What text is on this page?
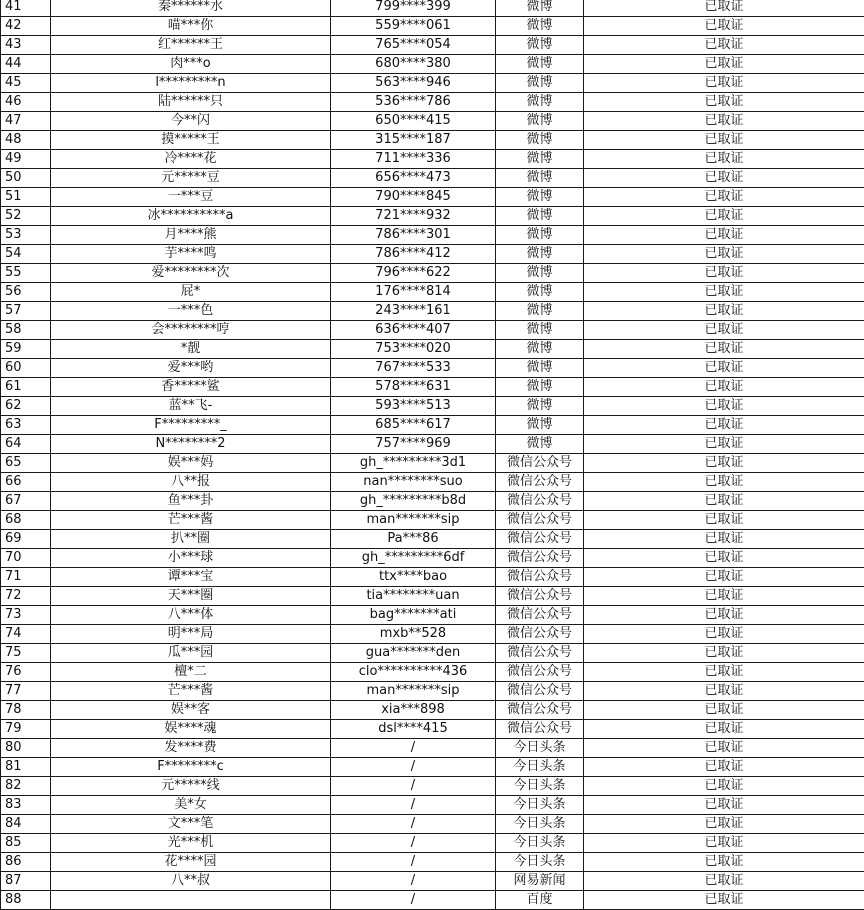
41	秦******水	799****399	微博	已取证
42	喵***你	559****061	微博	已取证
43	红******王	765****054	微博	已取证
44	肉***o	680****380	微博	已取证
45	l*********n	563****946	微博	已取证
46	陆******只	536****786	微博	已取证
47	今**闪	650****415	微博	已取证
48	摸*****王	315****187	微博	已取证
49	冷****花	711****336	微博	已取证
50	元*****豆	656****473	微博	已取证
51	一***豆	790****845	微博	已取证
52	冰**********a	721****932	微博	已取证
53	月****熊	786****301	微博	已取证
54	芋****鸣	786****412	微博	已取证
55	爱********次	796****622	微博	已取证
56	屁*	176****814	微博	已取证
57	一***色	243****161	微博	已取证
58	会********哼	636****407	微博	已取证
59	*靓	753****020	微博	已取证
60	爱***哟	767****533	微博	已取证
61	香*****鲨	578****631	微博	已取证
62	蓝**飞-	593****513	微博	已取证
63	F*********_	685****617	微博	已取证
64	N********2	757****969	微博	已取证
65	娱***妈	gh_*********3d1	微信公众号	已取证
66	八**报	nan********suo	微信公众号	已取证
67	鱼***卦	gh_*********b8d	微信公众号	已取证
68	芒***酱	man*******sip	微信公众号	已取证
69	扒**圈	Pa***86	微信公众号	已取证
70	小***球	gh_*********6df	微信公众号	已取证
71	谭***宝	ttx****bao	微信公众号	已取证
72	天***圈	tia********uan	微信公众号	已取证
73	八***体	bag*******ati	微信公众号	已取证
74	明***局	mxb**528	微信公众号	已取证
75	瓜***园	gua*******den	微信公众号	已取证
76	檀*二	clo**********436	微信公众号	已取证
77	芒***酱	man*******sip	微信公众号	已取证
78	娱**客	xia***898	微信公众号	已取证
79	娱****魂	dsl****415	微信公众号	已取证
80	发****费	/	今日头条	已取证
81	F********c	/	今日头条	已取证
82	元*****线	/	今日头条	已取证
83	美*女	/	今日头条	已取证
84	文***笔	/	今日头条	已取证
85	光***机	/	今日头条	已取证
86	花****园	/	今日头条	已取证
87	八**叔	/	网易新闻	已取证
88		/	百度	已取证
